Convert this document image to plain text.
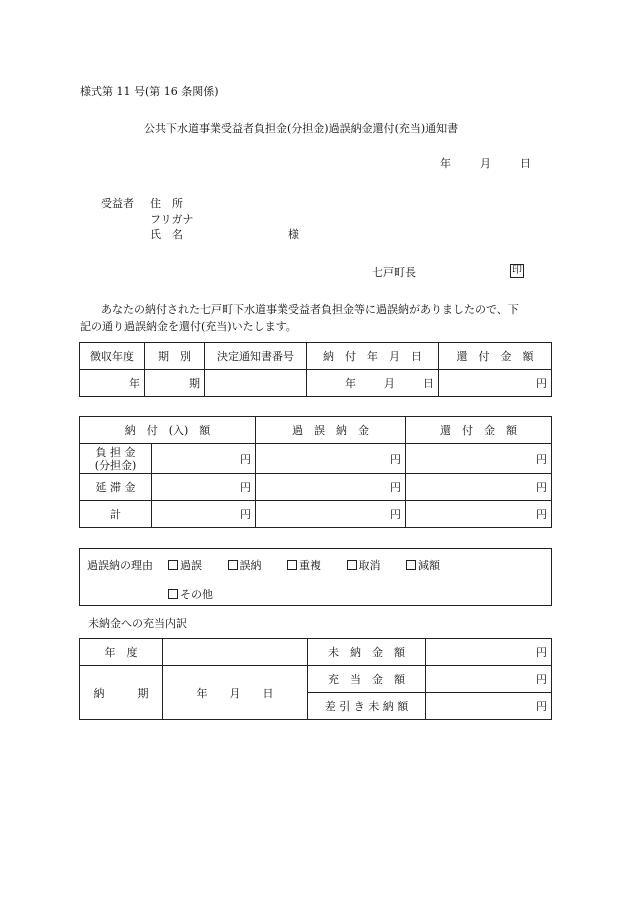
様式第 11 号(第 16 条関係)
公共下水道事業受益者負担金(分担金)過誤納金還付(充当)通知書
年	月	日
受益者 住　所
フリガナ
氏　名	様
七戸町長	印
あなたの納付された七戸町下水道事業受益者負担金等に過誤納がありましたので、下
記の通り過誤納金を還付(充当)いたします。
徴収年度	期　別	決定通知書番号	納　付　年　月　日	還　付　金　額
年	期		年 月 日	円
納　付　(入)　額		過　誤　納　金	還　付　金　額

負 担 金
(分担金)	円	円	円
延 滞 金	円	円	円
計	円	円	円
過誤納の理由	過誤	誤納	重複	取消	減額
その他
未納金への充当内訳
年　度		未　納　金　額	円
納　　　期	年 月 日	充　当　金　額	円
		差 引 き 未 納 額	円
